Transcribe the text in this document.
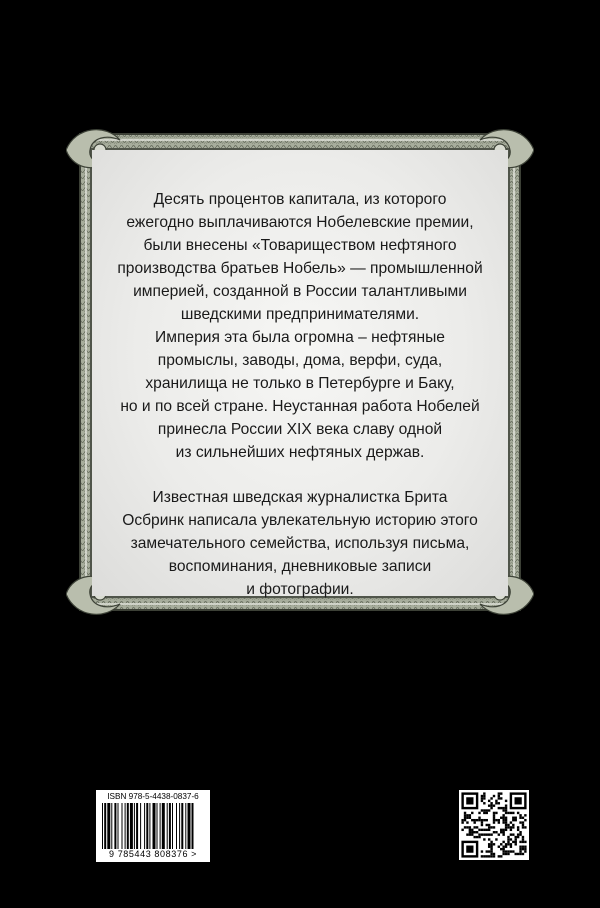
Десять процентов капитала, из которого

ежегодно выплачиваются Нобелевские премии,

были внесены «Товариществом нефтяного

производства братьев Нобель» — промышленной

империей, созданной в России талантливыми

шведскими предпринимателями.

Империя эта была огромна – нефтяные

промыслы, заводы, дома, верфи, суда,

хранилища не только в Петербурге и Баку,

но и по всей стране. Неустанная работа Нобелей

принесла России XIX века славу одной

из сильнейших нефтяных держав.

Известная шведская журналистка Брита

Осбринк написала увлекательную историю этого

замечательного семейства, используя письма,

воспоминания, дневниковые записи

и фотографии.

ISBN 978-5-4438-0837-6
9 785443 808376 >
